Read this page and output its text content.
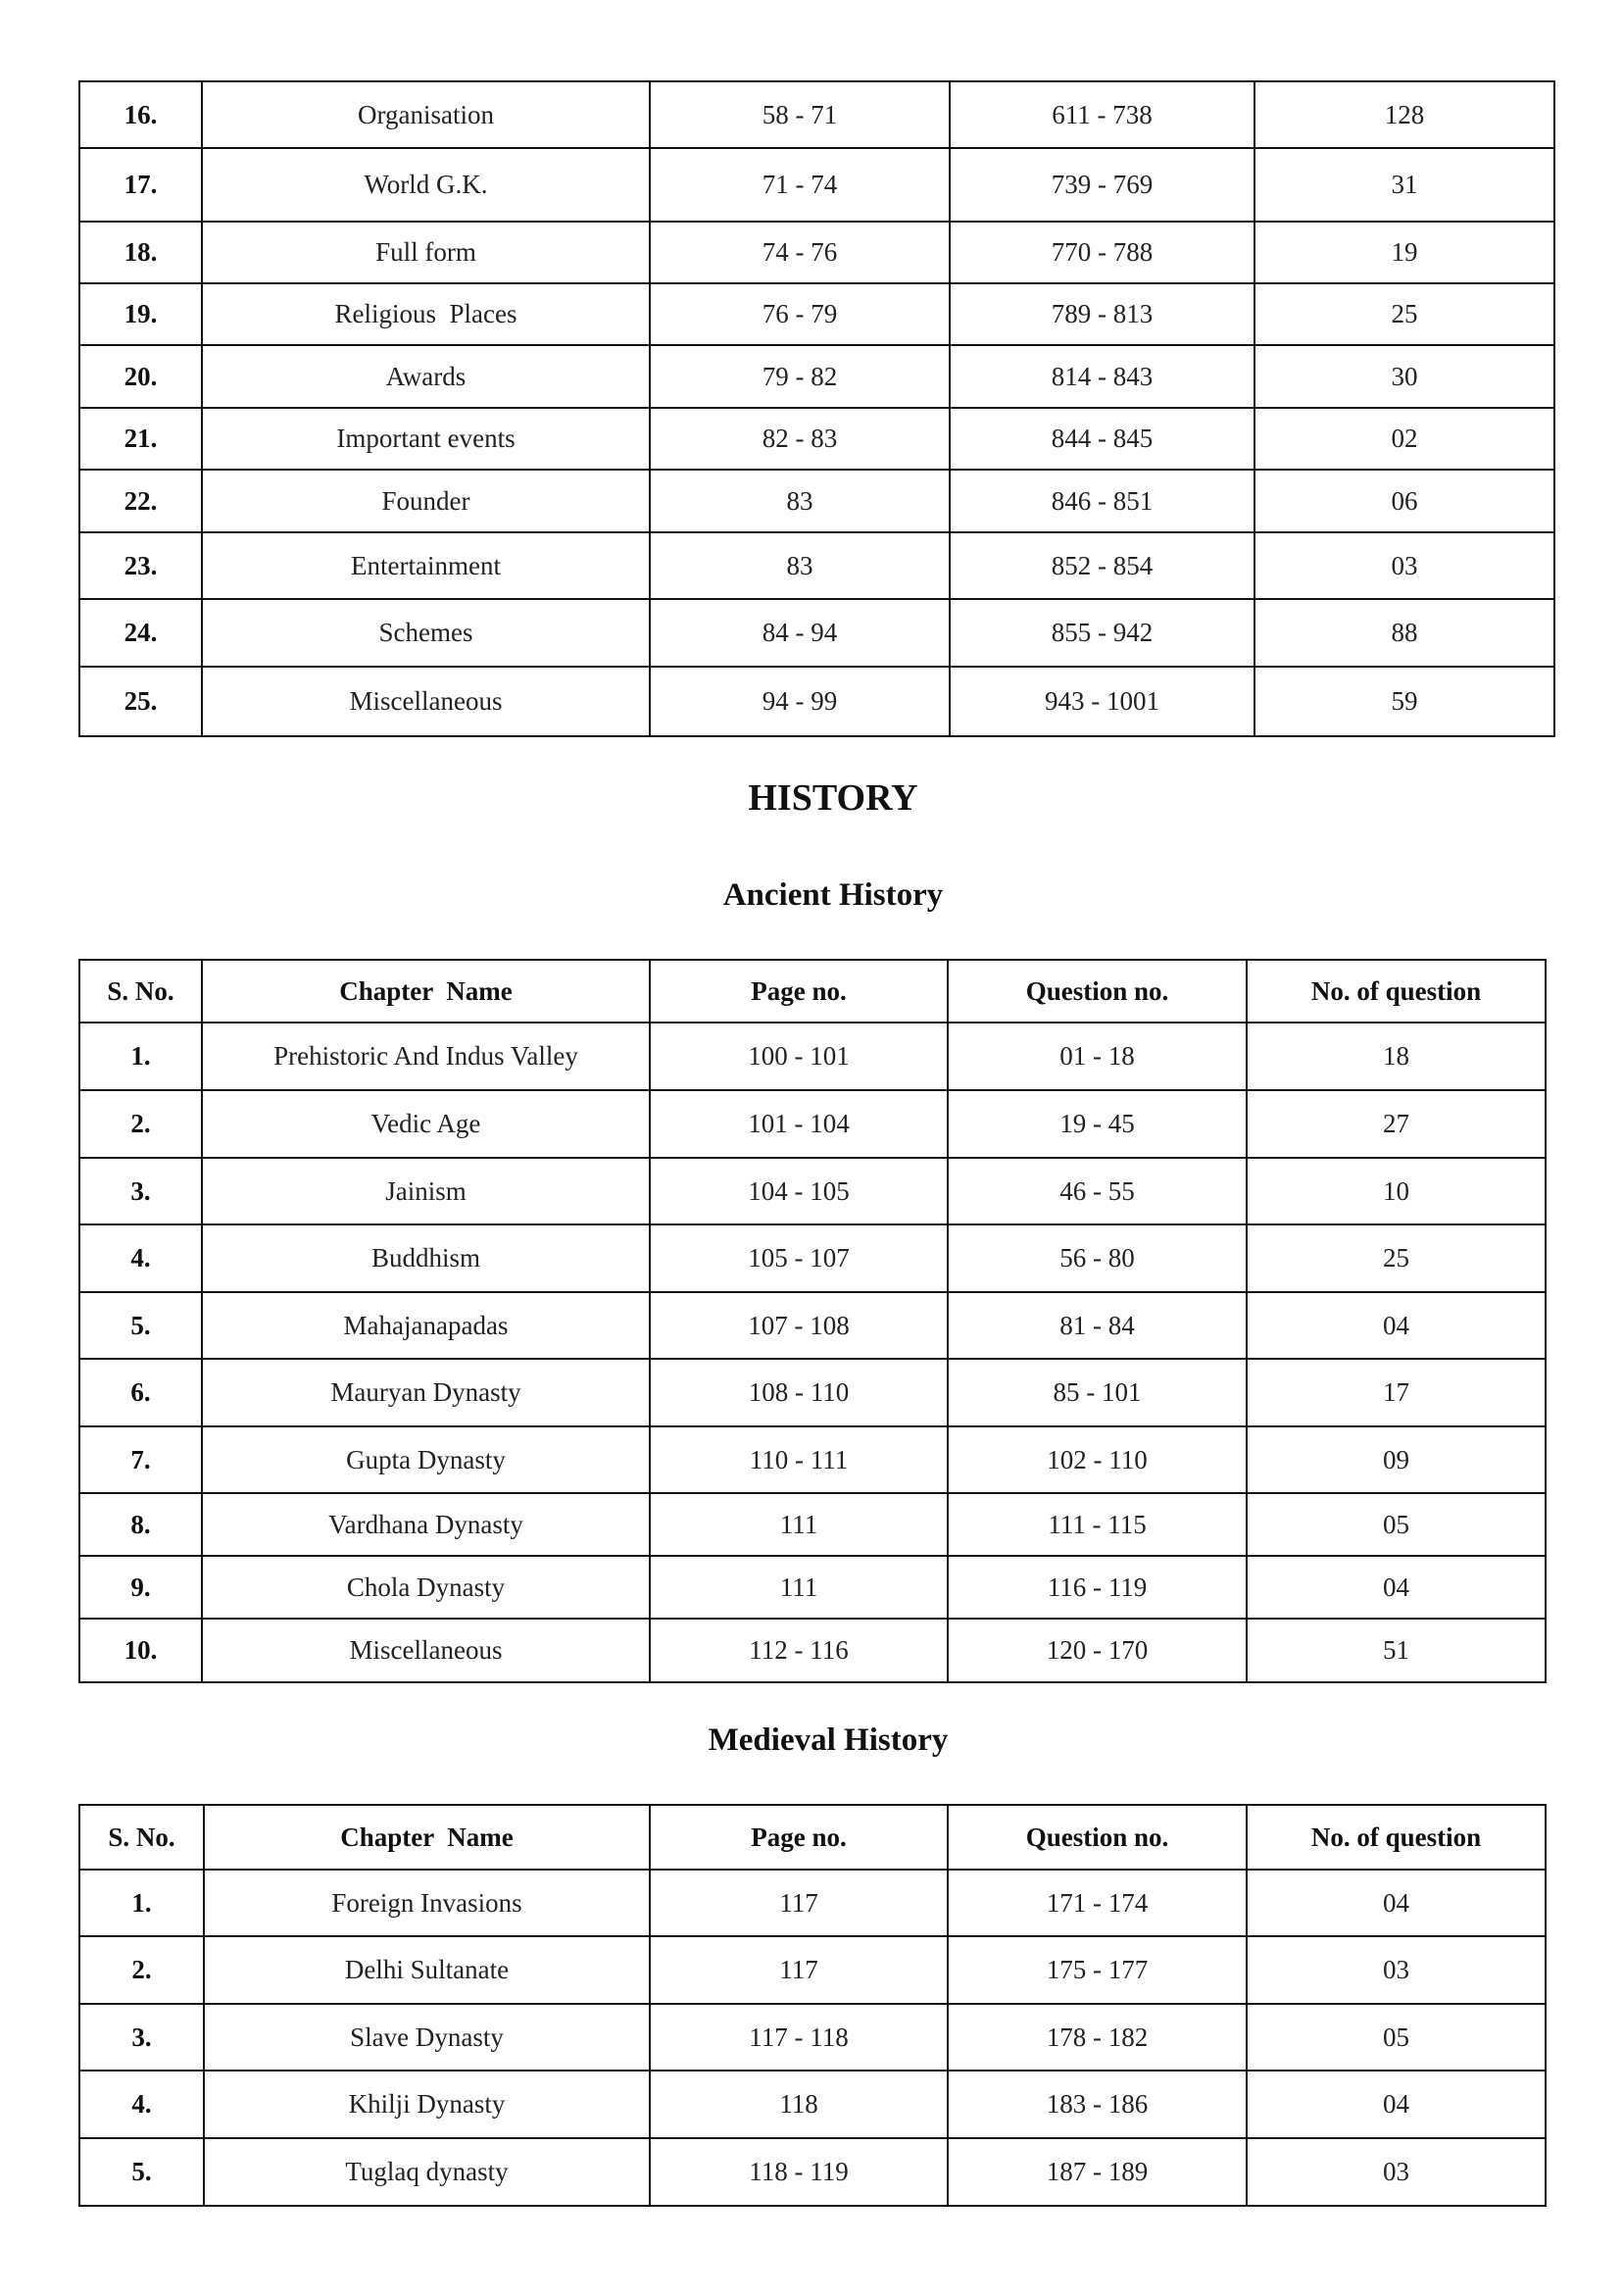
16.	Organisation	58 - 71	611 - 738	128
17.	World G.K.	71 - 74	739 - 769	31
18.	Full form	74 - 76	770 - 788	19
19.	Religious  Places	76 - 79	789 - 813	25
20.	Awards	79 - 82	814 - 843	30
21.	Important events	82 - 83	844 - 845	02
22.	Founder	83	846 - 851	06
23.	Entertainment	83	852 - 854	03
24.	Schemes	84 - 94	855 - 942	88
25.	Miscellaneous	94 - 99	943 - 1001	59
HISTORY
Ancient History
S. No.	Chapter  Name	Page no.	Question no.	No. of question
1.	Prehistoric And Indus Valley	100 - 101	01 - 18	18
2.	Vedic Age	101 - 104	19 - 45	27
3.	Jainism	104 - 105	46 - 55	10
4.	Buddhism	105 - 107	56 - 80	25
5.	Mahajanapadas	107 - 108	81 - 84	04
6.	Mauryan Dynasty	108 - 110	85 - 101	17
7.	Gupta Dynasty	110 - 111	102 - 110	09
8.	Vardhana Dynasty	111	111 - 115	05
9.	Chola Dynasty	111	116 - 119	04
10.	Miscellaneous	112 - 116	120 - 170	51
Medieval History
S. No.	Chapter  Name	Page no.	Question no.	No. of question
1.	Foreign Invasions	117	171 - 174	04
2.	Delhi Sultanate	117	175 - 177	03
3.	Slave Dynasty	117 - 118	178 - 182	05
4.	Khilji Dynasty	118	183 - 186	04
5.	Tuglaq dynasty	118 - 119	187 - 189	03
